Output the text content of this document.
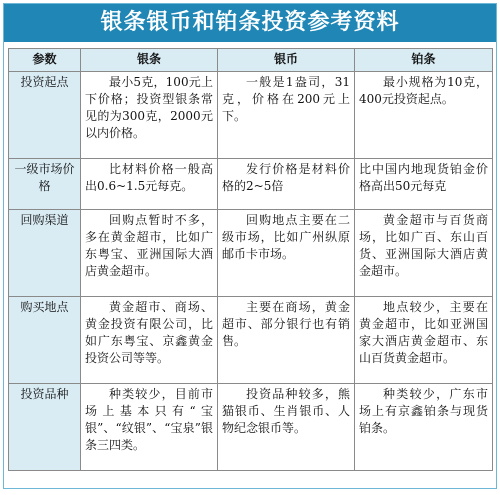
银条银币和铂条投资参考资料
参数	银条	银币	铂条
投资起点	最小5克，100元上下价格；投资型银条常见的为300克，2000元以内价格。	一般是1盎司，31克，价格在200元上下。	最小规格为10克，400元投资起点。
一级市场价格	比材料价格一般高出0.6~1.5元每克。	发行价格是材料价格的2~5倍	比中国内地现货铂金价格高出50元每克
回购渠道	回购点暂时不多，多在黄金超市，比如广东粤宝、亚洲国际大酒店黄金超市。	回购地点主要在二级市场，比如广州纵原邮币卡市场。	黄金超市与百货商场，比如广百、东山百货、亚洲国际大酒店黄金超市。
购买地点	黄金超市、商场、黄金投资有限公司，比如广东粤宝、京鑫黄金投资公司等等。	主要在商场，黄金超市、部分银行也有销售。	地点较少，主要在黄金超市，比如亚洲国家大酒店黄金超市、东山百货黄金超市。
投资品种	种类较少，目前市场上基本只有“宝银”、“纹银”、“宝泉”银条三四类。	投资品种较多，熊猫银币、生肖银币、人物纪念银币等。	种类较少，广东市场上有京鑫铂条与现货铂条。
